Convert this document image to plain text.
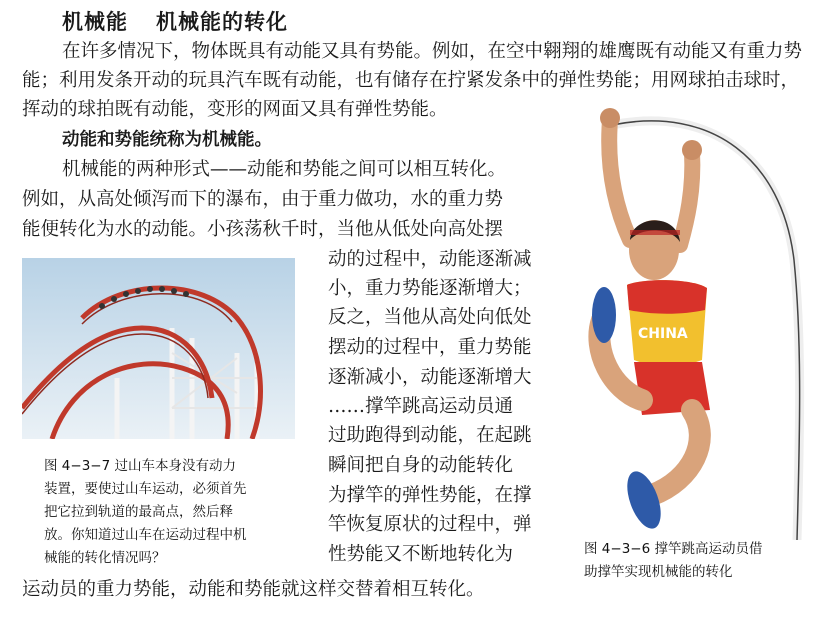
机械能 机械能的转化
在许多情况下，物体既具有动能又具有势能。例如，在空中翱翔的雄鹰既有动能又有重力势
能；利用发条开动的玩具汽车既有动能，也有储存在拧紧发条中的弹性势能；用网球拍击球时，
挥动的球拍既有动能，变形的网面又具有弹性势能。
动能和势能统称为机械能。
机械能的两种形式——动能和势能之间可以相互转化。
例如，从高处倾泻而下的瀑布，由于重力做功，水的重力势
能便转化为水的动能。小孩荡秋千时，当他从低处向高处摆
动的过程中，动能逐渐减
小，重力势能逐渐增大；
反之，当他从高处向低处
摆动的过程中，重力势能
逐渐减小，动能逐渐增大
……撑竿跳高运动员通
过助跑得到动能，在起跳
瞬间把自身的动能转化
为撑竿的弹性势能，在撑
竿恢复原状的过程中，弹
性势能又不断地转化为
运动员的重力势能，动能和势能就这样交替着相互转化。
图 4−3−7 过山车本身没有动力
装置，要使过山车运动，必须首先
把它拉到轨道的最高点，然后释
放。你知道过山车在运动过程中机
械能的转化情况吗？
CHINA
图 4−3−6 撑竿跳高运动员借
助撑竿实现机械能的转化
